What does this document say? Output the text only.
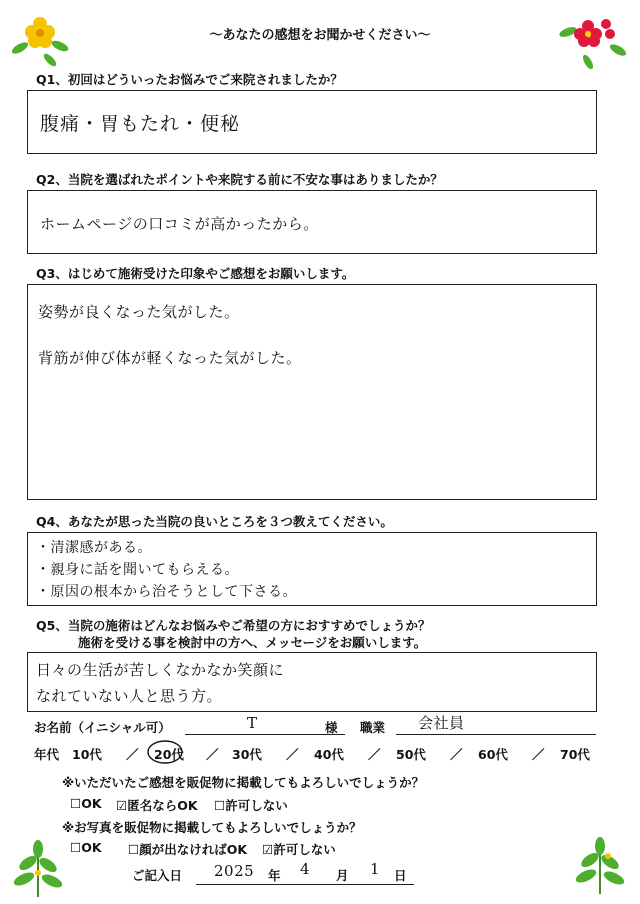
～あなたの感想をお聞かせください～
Q1、初回はどういったお悩みでご来院されましたか？
腹痛・胃もたれ・便秘
Q2、当院を選ばれたポイントや来院する前に不安な事はありましたか？
ホームページの口コミが高かったから。
Q3、はじめて施術受けた印象やご感想をお願いします。
姿勢が良くなった気がした。
背筋が伸び体が軽くなった気がした。
Q4、あなたが思った当院の良いところを３つ教えてください。
・清潔感がある。
・親身に話を聞いてもらえる。
・原因の根本から治そうとして下さる。
Q5、当院の施術はどんなお悩みやご希望の方におすすめでしょうか？
施術を受ける事を検討中の方へ、メッセージをお願いします。
日々の生活が苦しくなかなか笑顔に
なれていない人と思う方。
お名前（イニシャル可）	T	様 職業 会社員
年代 10代 ／ 20代 ／ 30代 ／ 40代 ／ 50代 ／ 60代 ／ 70代
※いただいたご感想を販促物に掲載してもよろしいでしょうか？
☐OK ☑匿名ならOK ☐許可しない
※お写真を販促物に掲載してもよろしいでしょうか？
☐OK ☐顔が出なければOK ☑許可しない
ご記入日 2025 年 4 月 1 日
